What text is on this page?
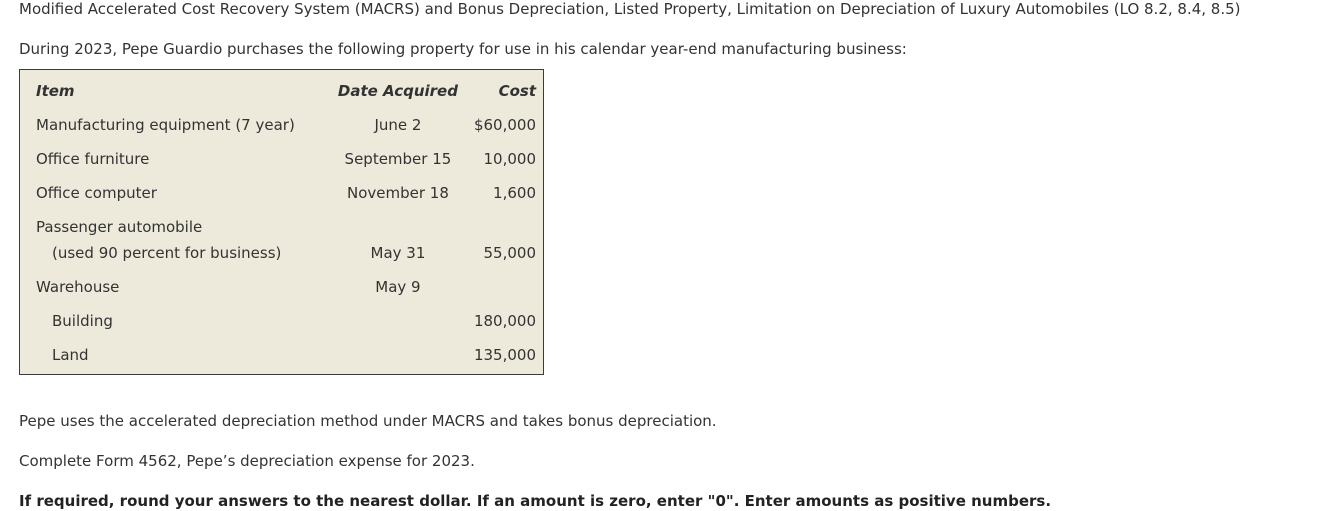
Modified Accelerated Cost Recovery System (MACRS) and Bonus Depreciation, Listed Property, Limitation on Depreciation of Luxury Automobiles (LO 8.2, 8.4, 8.5)
During 2023, Pepe Guardio purchases the following property for use in his calendar year-end manufacturing business:
Item	Date Acquired	Cost
Manufacturing equipment (7 year)	June 2	$60,000
Office furniture	September 15	10,000
Office computer	November 18	1,600
Passenger automobile		
(used 90 percent for business)	May 31	55,000
Warehouse	May 9	
Building		180,000
Land		135,000
Pepe uses the accelerated depreciation method under MACRS and takes bonus depreciation.
Complete Form 4562, Pepe’s depreciation expense for 2023.
If required, round your answers to the nearest dollar. If an amount is zero, enter "0". Enter amounts as positive numbers.
